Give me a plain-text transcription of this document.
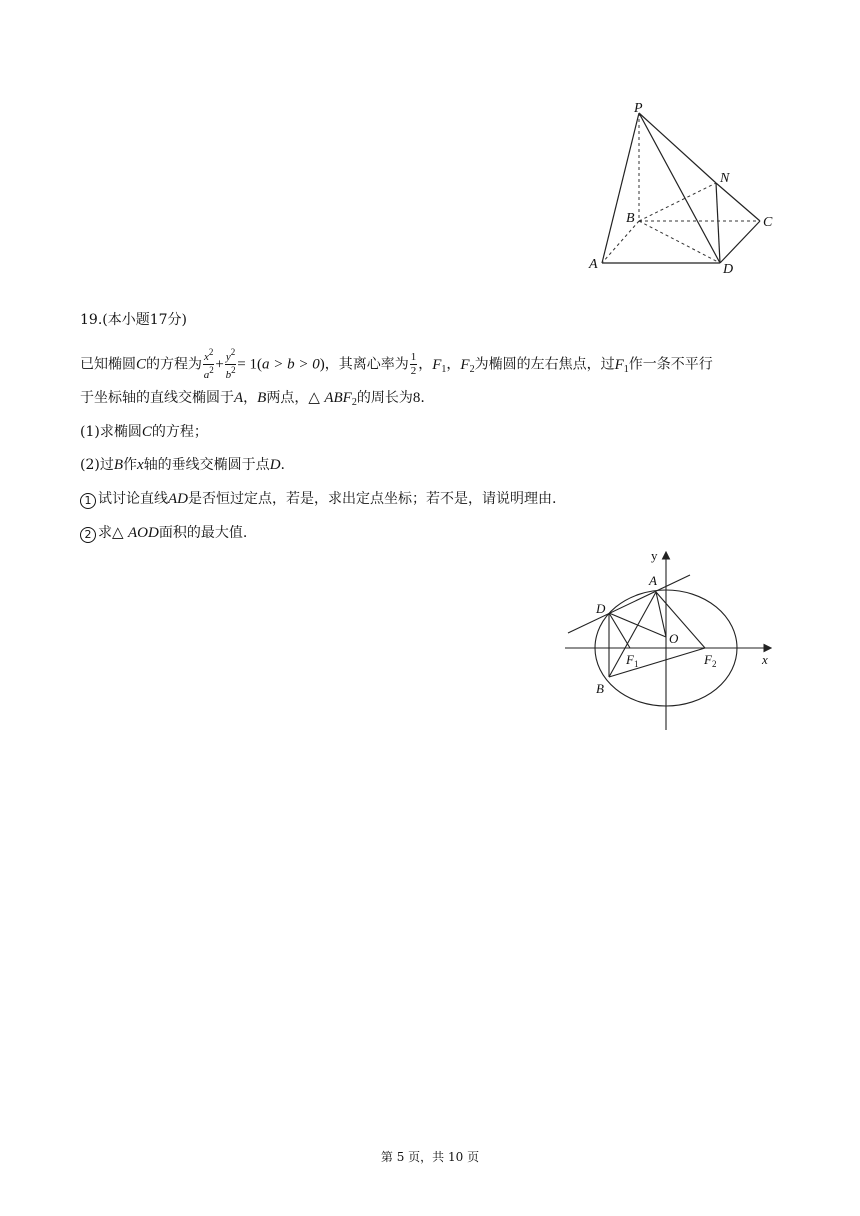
P
N
B	C
A	D
19.(本小题17分)
已知椭圆C的方程为 $\frac{x^2}{a^2} + \frac{y^2}{b^2} = 1(a > b > 0)$，其离心率为 $\frac{1}{2}$ ，$F_1$，$F_2$为椭圆的左右焦点，过$F_1$作一条不平行
于坐标轴的直线交椭圆于A，B两点，△ $ABF_2$的周长为8.
(1)求椭圆C的方程；
(2)过B作x轴的垂线交椭圆于点D.
1 试讨论直线AD是否恒过定点，若是，求出定点坐标；若不是，请说明理由.
2 求△ AOD面积的最大值.
y
x
A
D
O
B
$F_1$	$F_2$
第 5 页，共 10 页
